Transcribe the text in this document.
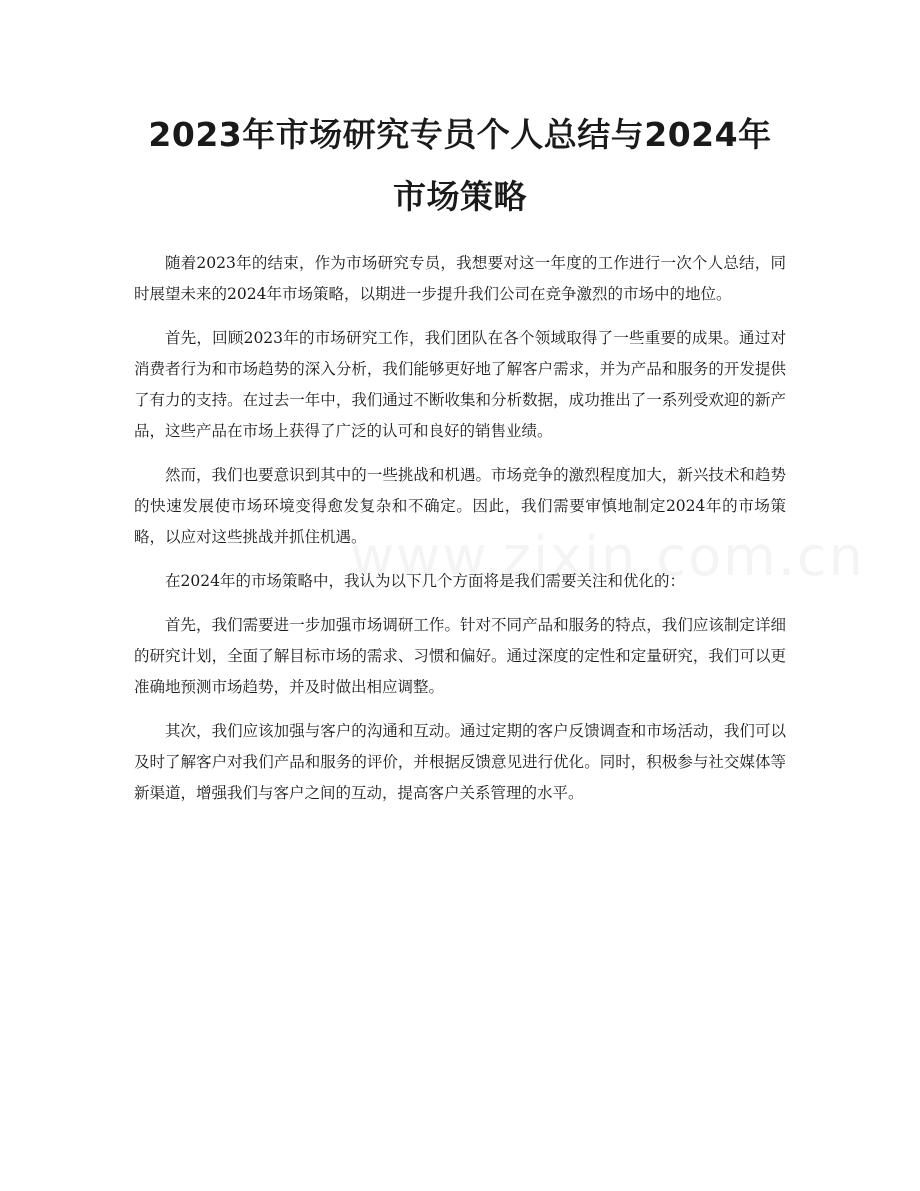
2023年市场研究专员个人总结与2024年市场策略

随着2023年的结束，作为市场研究专员，我想要对这一年度的工作进行一次个人总结，同时展望未来的2024年市场策略，以期进一步提升我们公司在竞争激烈的市场中的地位。

首先，回顾2023年的市场研究工作，我们团队在各个领域取得了一些重要的成果。通过对消费者行为和市场趋势的深入分析，我们能够更好地了解客户需求，并为产品和服务的开发提供了有力的支持。在过去一年中，我们通过不断收集和分析数据，成功推出了一系列受欢迎的新产品，这些产品在市场上获得了广泛的认可和良好的销售业绩。

然而，我们也要意识到其中的一些挑战和机遇。市场竞争的激烈程度加大，新兴技术和趋势的快速发展使市场环境变得愈发复杂和不确定。因此，我们需要审慎地制定2024年的市场策略，以应对这些挑战并抓住机遇。

在2024年的市场策略中，我认为以下几个方面将是我们需要关注和优化的：

首先，我们需要进一步加强市场调研工作。针对不同产品和服务的特点，我们应该制定详细的研究计划，全面了解目标市场的需求、习惯和偏好。通过深度的定性和定量研究，我们可以更准确地预测市场趋势，并及时做出相应调整。

其次，我们应该加强与客户的沟通和互动。通过定期的客户反馈调查和市场活动，我们可以及时了解客户对我们产品和服务的评价，并根据反馈意见进行优化。同时，积极参与社交媒体等新渠道，增强我们与客户之间的互动，提高客户关系管理的水平。
